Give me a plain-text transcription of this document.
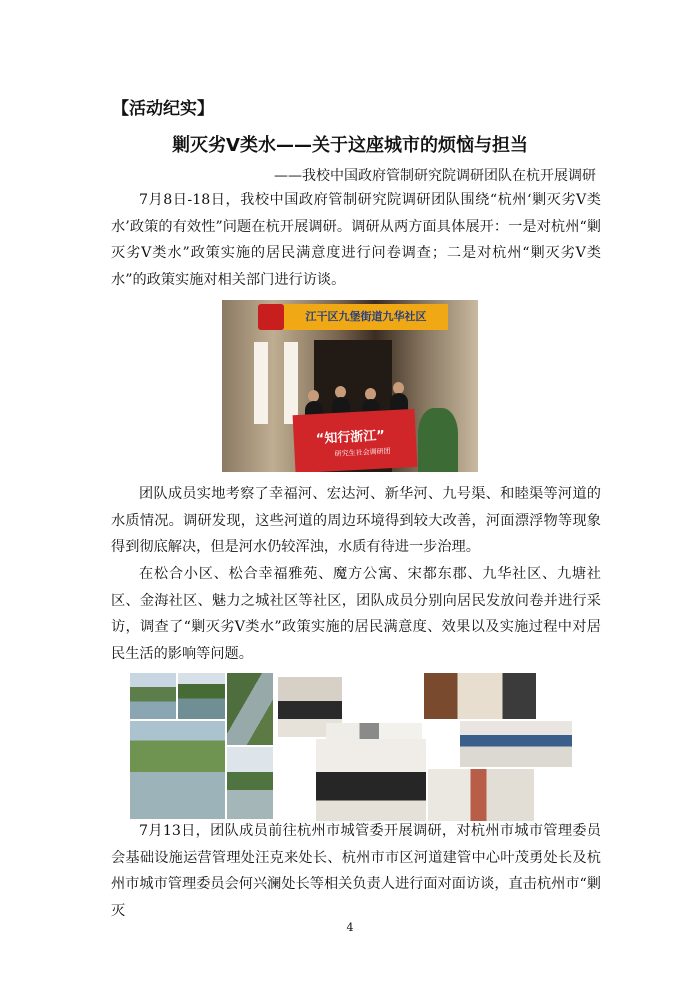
【活动纪实】
剿灭劣Ⅴ类水——关于这座城市的烦恼与担当
——我校中国政府管制研究院调研团队在杭开展调研

7月8日-18日，我校中国政府管制研究院调研团队围绕“杭州‘剿灭劣Ⅴ类水’政策的有效性”问题在杭开展调研。调研从两方面具体展开：一是对杭州“剿灭劣Ⅴ类水”政策实施的居民满意度进行问卷调查；二是对杭州“剿灭劣Ⅴ类水”的政策实施对相关部门进行访谈。

江干区九堡街道九华社区
“知行浙江”
研究生社会调研团

团队成员实地考察了幸福河、宏达河、新华河、九号渠、和睦渠等河道的水质情况。调研发现，这些河道的周边环境得到较大改善，河面漂浮物等现象得到彻底解决，但是河水仍较浑浊，水质有待进一步治理。

在松合小区、松合幸福雅苑、魔方公寓、宋都东郡、九华社区、九塘社区、金海社区、魅力之城社区等社区，团队成员分别向居民发放问卷并进行采访，调查了“剿灭劣Ⅴ类水”政策实施的居民满意度、效果以及实施过程中对居民生活的影响等问题。

7月13日，团队成员前往杭州市城管委开展调研，对杭州市城市管理委员会基础设施运营管理处汪克来处长、杭州市市区河道建管中心叶茂勇处长及杭州市城市管理委员会何兴澜处长等相关负责人进行面对面访谈，直击杭州市“剿灭

4
